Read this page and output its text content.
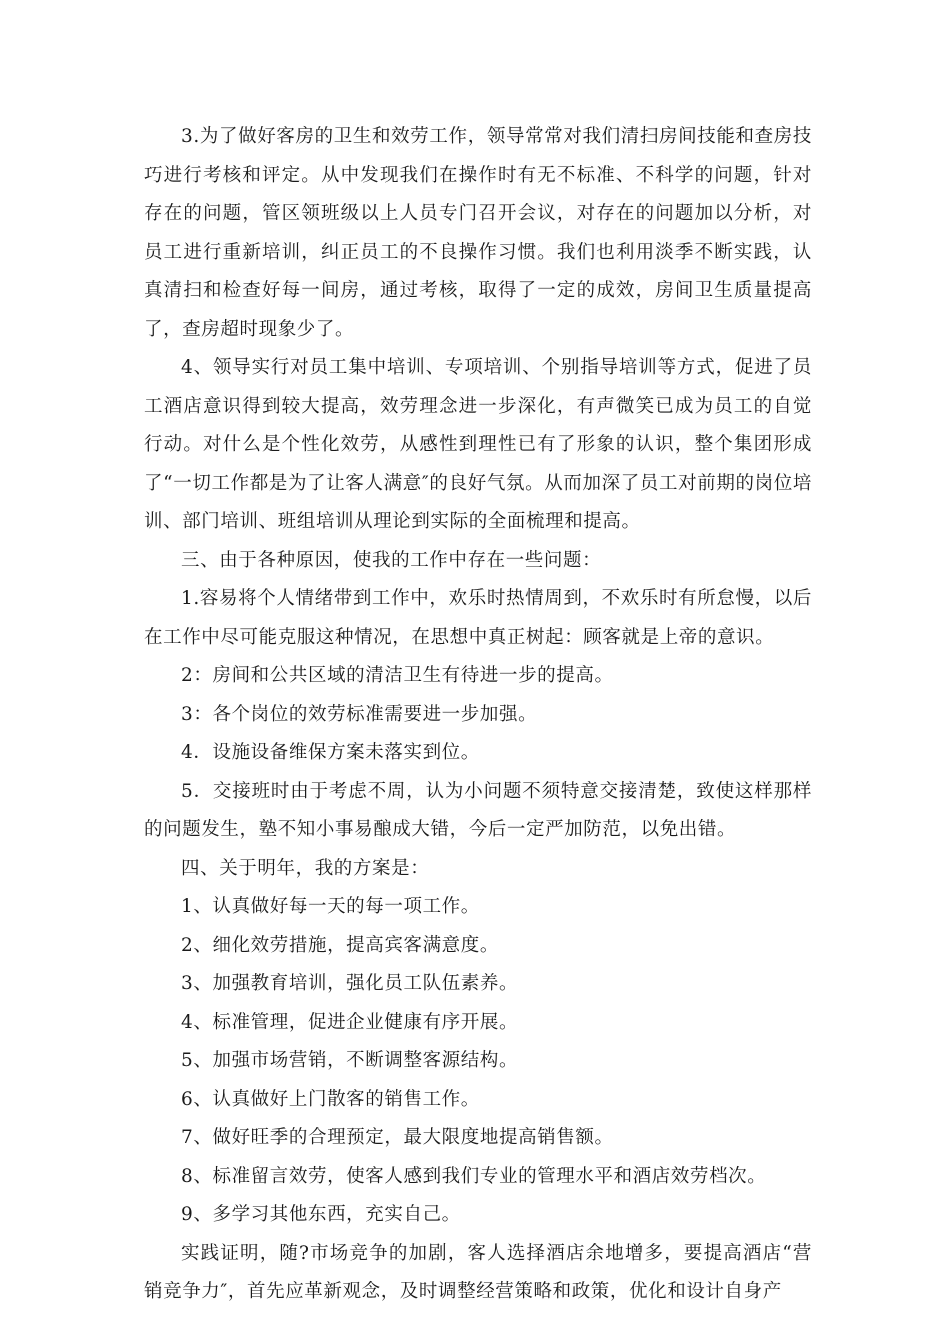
3.为了做好客房的卫生和效劳工作，领导常常对我们清扫房间技能和查房技巧进行考核和评定。从中发现我们在操作时有无不标准、不科学的问题，针对存在的问题，管区领班级以上人员专门召开会议，对存在的问题加以分析，对员工进行重新培训，纠正员工的不良操作习惯。我们也利用淡季不断实践，认真清扫和检查好每一间房，通过考核，取得了一定的成效，房间卫生质量提高了，查房超时现象少了。

4、领导实行对员工集中培训、专项培训、个别指导培训等方式，促进了员工酒店意识得到较大提高，效劳理念进一步深化，有声微笑已成为员工的自觉行动。对什么是个性化效劳，从感性到理性已有了形象的认识，整个集团形成了“一切工作都是为了让客人满意″的良好气氛。从而加深了员工对前期的岗位培训、部门培训、班组培训从理论到实际的全面梳理和提高。

三、由于各种原因，使我的工作中存在一些问题：

1.容易将个人情绪带到工作中，欢乐时热情周到，不欢乐时有所怠慢，以后在工作中尽可能克服这种情况，在思想中真正树起：顾客就是上帝的意识。

2：房间和公共区域的清洁卫生有待进一步的提高。

3：各个岗位的效劳标准需要进一步加强。

4．设施设备维保方案未落实到位。

5．交接班时由于考虑不周，认为小问题不须特意交接清楚，致使这样那样的问题发生，塾不知小事易酿成大错，今后一定严加防范，以免出错。

四、关于明年，我的方案是：

1、认真做好每一天的每一项工作。

2、细化效劳措施，提高宾客满意度。

3、加强教育培训，强化员工队伍素养。

4、标准管理，促进企业健康有序开展。

5、加强市场营销，不断调整客源结构。

6、认真做好上门散客的销售工作。

7、做好旺季的合理预定，最大限度地提高销售额。

8、标准留言效劳，使客人感到我们专业的管理水平和酒店效劳档次。

9、多学习其他东西，充实自己。

实践证明，随?市场竞争的加剧，客人选择酒店余地增多，要提高酒店“营销竞争力″，首先应革新观念，及时调整经营策略和政策，优化和设计自身产
